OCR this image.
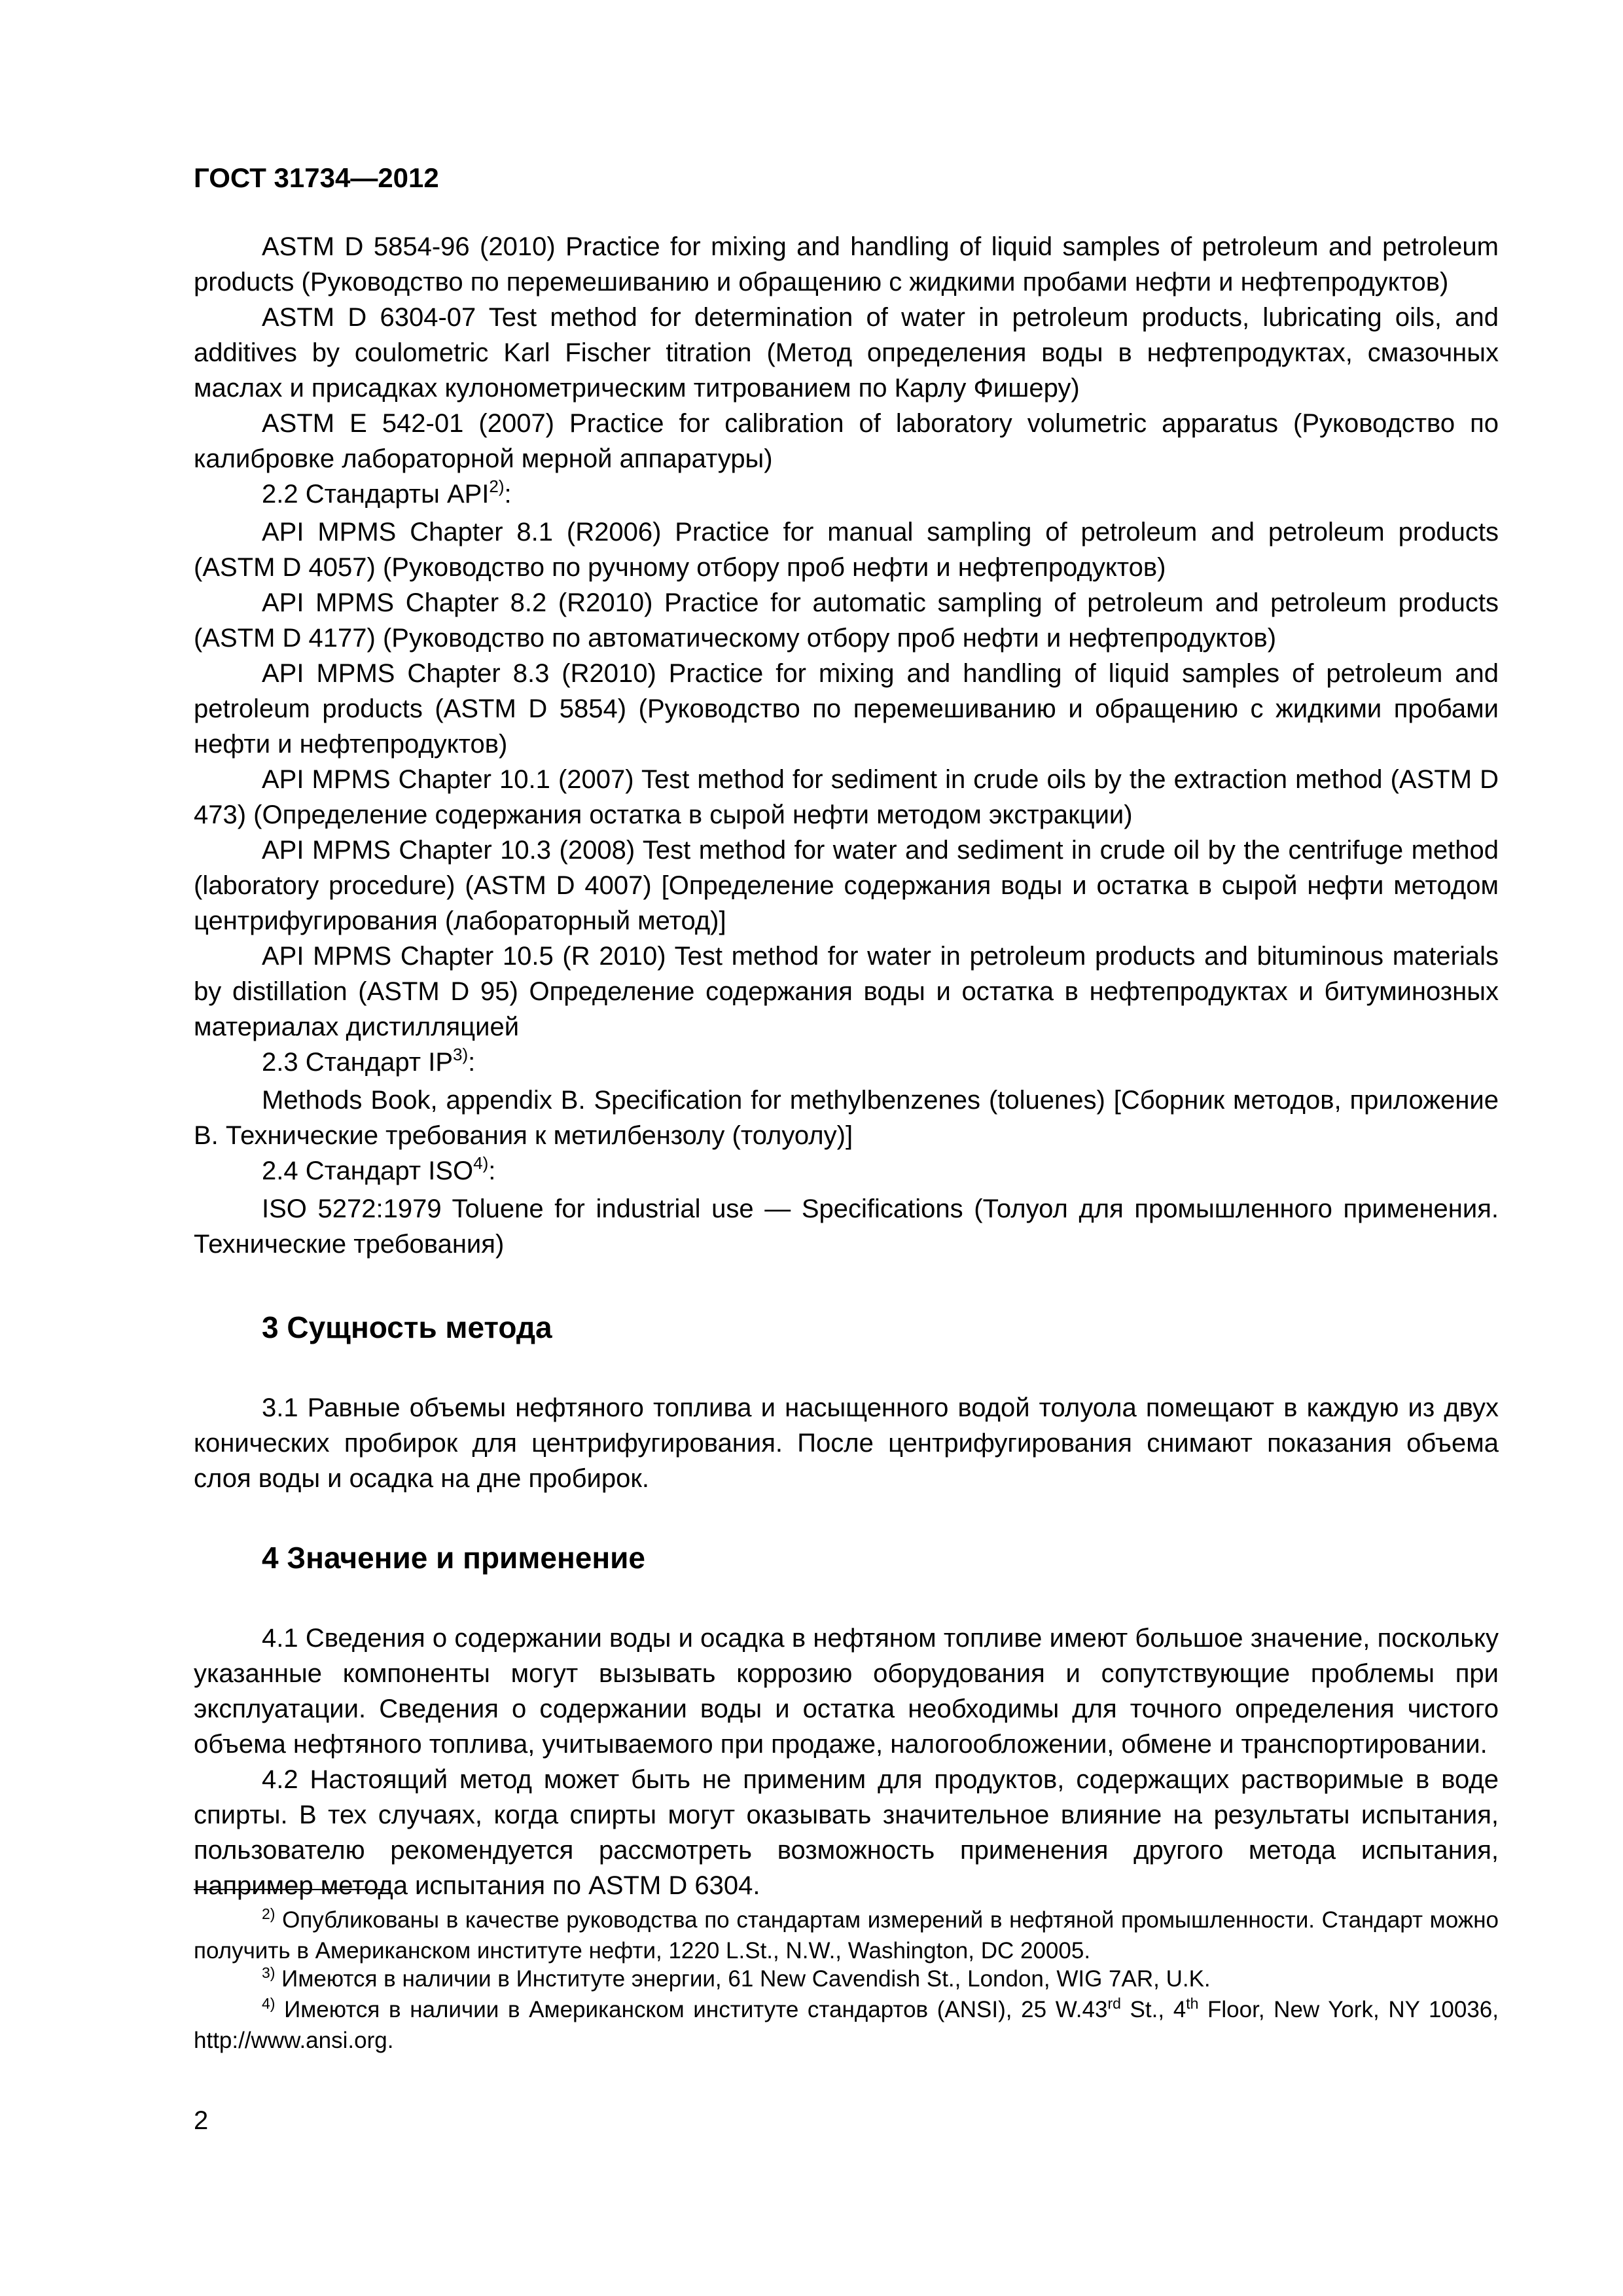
ГОСТ 31734—2012

ASTM D 5854-96 (2010) Practice for mixing and handling of liquid samples of petroleum and petroleum products (Руководство по перемешиванию и обращению с жидкими пробами нефти и нефтепродуктов)

ASTM D 6304-07 Test method for determination of water in petroleum products, lubricating oils, and additives by coulometric Karl Fischer titration (Метод определения воды в нефтепродуктах, смазочных маслах и присадках кулонометрическим титрованием по Карлу Фишеру)

ASTM E 542-01 (2007) Practice for calibration of laboratory volumetric apparatus (Руководство по калибровке лабораторной мерной аппаратуры)

2.2 Стандарты API$^{2)}$:

API MPMS Chapter 8.1 (R2006) Practice for manual sampling of petroleum and petroleum products (ASTM D 4057) (Руководство по ручному отбору проб нефти и нефтепродуктов)

API MPMS Chapter 8.2 (R2010) Practice for automatic sampling of petroleum and petroleum products (ASTM D 4177) (Руководство по автоматическому отбору проб нефти и нефтепродуктов)

API MPMS Chapter 8.3 (R2010) Practice for mixing and handling of liquid samples of petroleum and petroleum products (ASTM D 5854) (Руководство по перемешиванию и обращению с жидкими пробами нефти и нефтепродуктов)

API MPMS Chapter 10.1 (2007) Test method for sediment in crude oils by the extraction method (ASTM D 473) (Определение содержания остатка в сырой нефти методом экстракции)

API MPMS Chapter 10.3 (2008) Test method for water and sediment in crude oil by the centrifuge method (laboratory procedure) (ASTM D 4007) [Определение содержания воды и остатка в сырой нефти методом центрифугирования (лабораторный метод)]

API MPMS Chapter 10.5 (R 2010) Test method for water in petroleum products and bituminous materials by distillation (ASTM D 95) Определение содержания воды и остатка в нефтепродуктах и битуминозных материалах дистилляцией

2.3 Стандарт IP$^{3)}$:

Methods Book, appendix B. Specification for methylbenzenes (toluenes) [Сборник методов, приложение B. Технические требования к метилбензолу (толуолу)]

2.4 Стандарт ISO$^{4)}$:

ISO 5272:1979 Toluene for industrial use — Specifications (Толуол для промышленного применения. Технические требования)

3 Сущность метода

3.1 Равные объемы нефтяного топлива и насыщенного водой толуола помещают в каждую из двух конических пробирок для центрифугирования. После центрифугирования снимают показания объема слоя воды и осадка на дне пробирок.

4 Значение и применение

4.1 Сведения о содержании воды и осадка в нефтяном топливе имеют большое значение, поскольку указанные компоненты могут вызывать коррозию оборудования и сопутствующие проблемы при эксплуатации. Сведения о содержании воды и остатка необходимы для точного определения чистого объема нефтяного топлива, учитываемого при продаже, налогообложении, обмене и транспортировании.

4.2 Настоящий метод может быть не применим для продуктов, содержащих растворимые в воде спирты. В тех случаях, когда спирты могут оказывать значительное влияние на результаты испытания, пользователю рекомендуется рассмотреть возможность применения другого метода испытания, например метода испытания по ASTM D 6304.

$^{2)}$ Опубликованы в качестве руководства по стандартам измерений в нефтяной промышленности. Стандарт можно получить в Американском институте нефти, 1220 L.St., N.W., Washington, DC 20005.

$^{3)}$ Имеются в наличии в Институте энергии, 61 New Cavendish St., London, WIG 7AR, U.K.

$^{4)}$ Имеются в наличии в Американском институте стандартов (ANSI), 25 W.43rd St., 4th Floor, New York, NY 10036, http://www.ansi.org.

2
